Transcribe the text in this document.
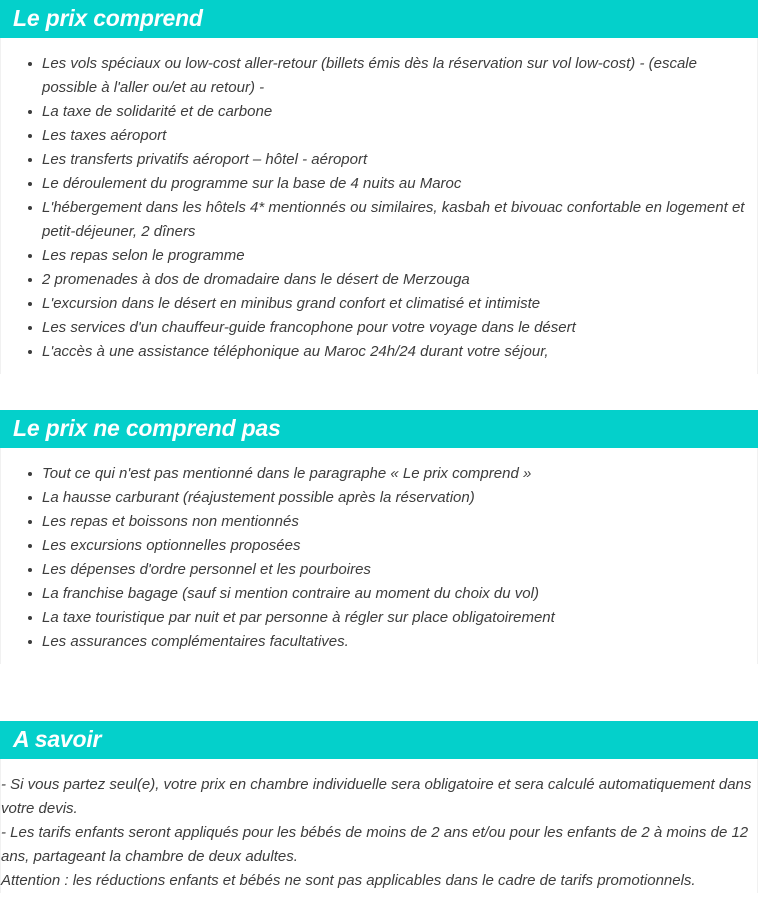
Le prix comprend
Les vols spéciaux ou low-cost aller-retour (billets émis dès la réservation sur vol low-cost) - (escale possible à l'aller ou/et au retour) -
La taxe de solidarité et de carbone
Les taxes aéroport
Les transferts privatifs aéroport – hôtel - aéroport
Le déroulement du programme sur la base de 4 nuits au Maroc
L'hébergement dans les hôtels 4* mentionnés ou similaires, kasbah et bivouac confortable en logement et petit-déjeuner, 2 dîners
Les repas selon le programme
2 promenades à dos de dromadaire dans le désert de Merzouga
L'excursion dans le désert en minibus grand confort et climatisé et intimiste
Les services d'un chauffeur-guide francophone pour votre voyage dans le désert
L'accès à une assistance téléphonique au Maroc 24h/24 durant votre séjour,
Le prix ne comprend pas
Tout ce qui n'est pas mentionné dans le paragraphe « Le prix comprend »
La hausse carburant (réajustement possible après la réservation)
Les repas et boissons non mentionnés
Les excursions optionnelles proposées
Les dépenses d'ordre personnel et les pourboires
La franchise bagage (sauf si mention contraire au moment du choix du vol)
La taxe touristique par nuit et par personne à régler sur place obligatoirement
Les assurances complémentaires facultatives.
A savoir

- Si vous partez seul(e), votre prix en chambre individuelle sera obligatoire et sera calculé automatiquement dans votre devis.

- Les tarifs enfants seront appliqués pour les bébés de moins de 2 ans et/ou pour les enfants de 2 à moins de 12 ans, partageant la chambre de deux adultes.

Attention : les réductions enfants et bébés ne sont pas applicables dans le cadre de tarifs promotionnels.
